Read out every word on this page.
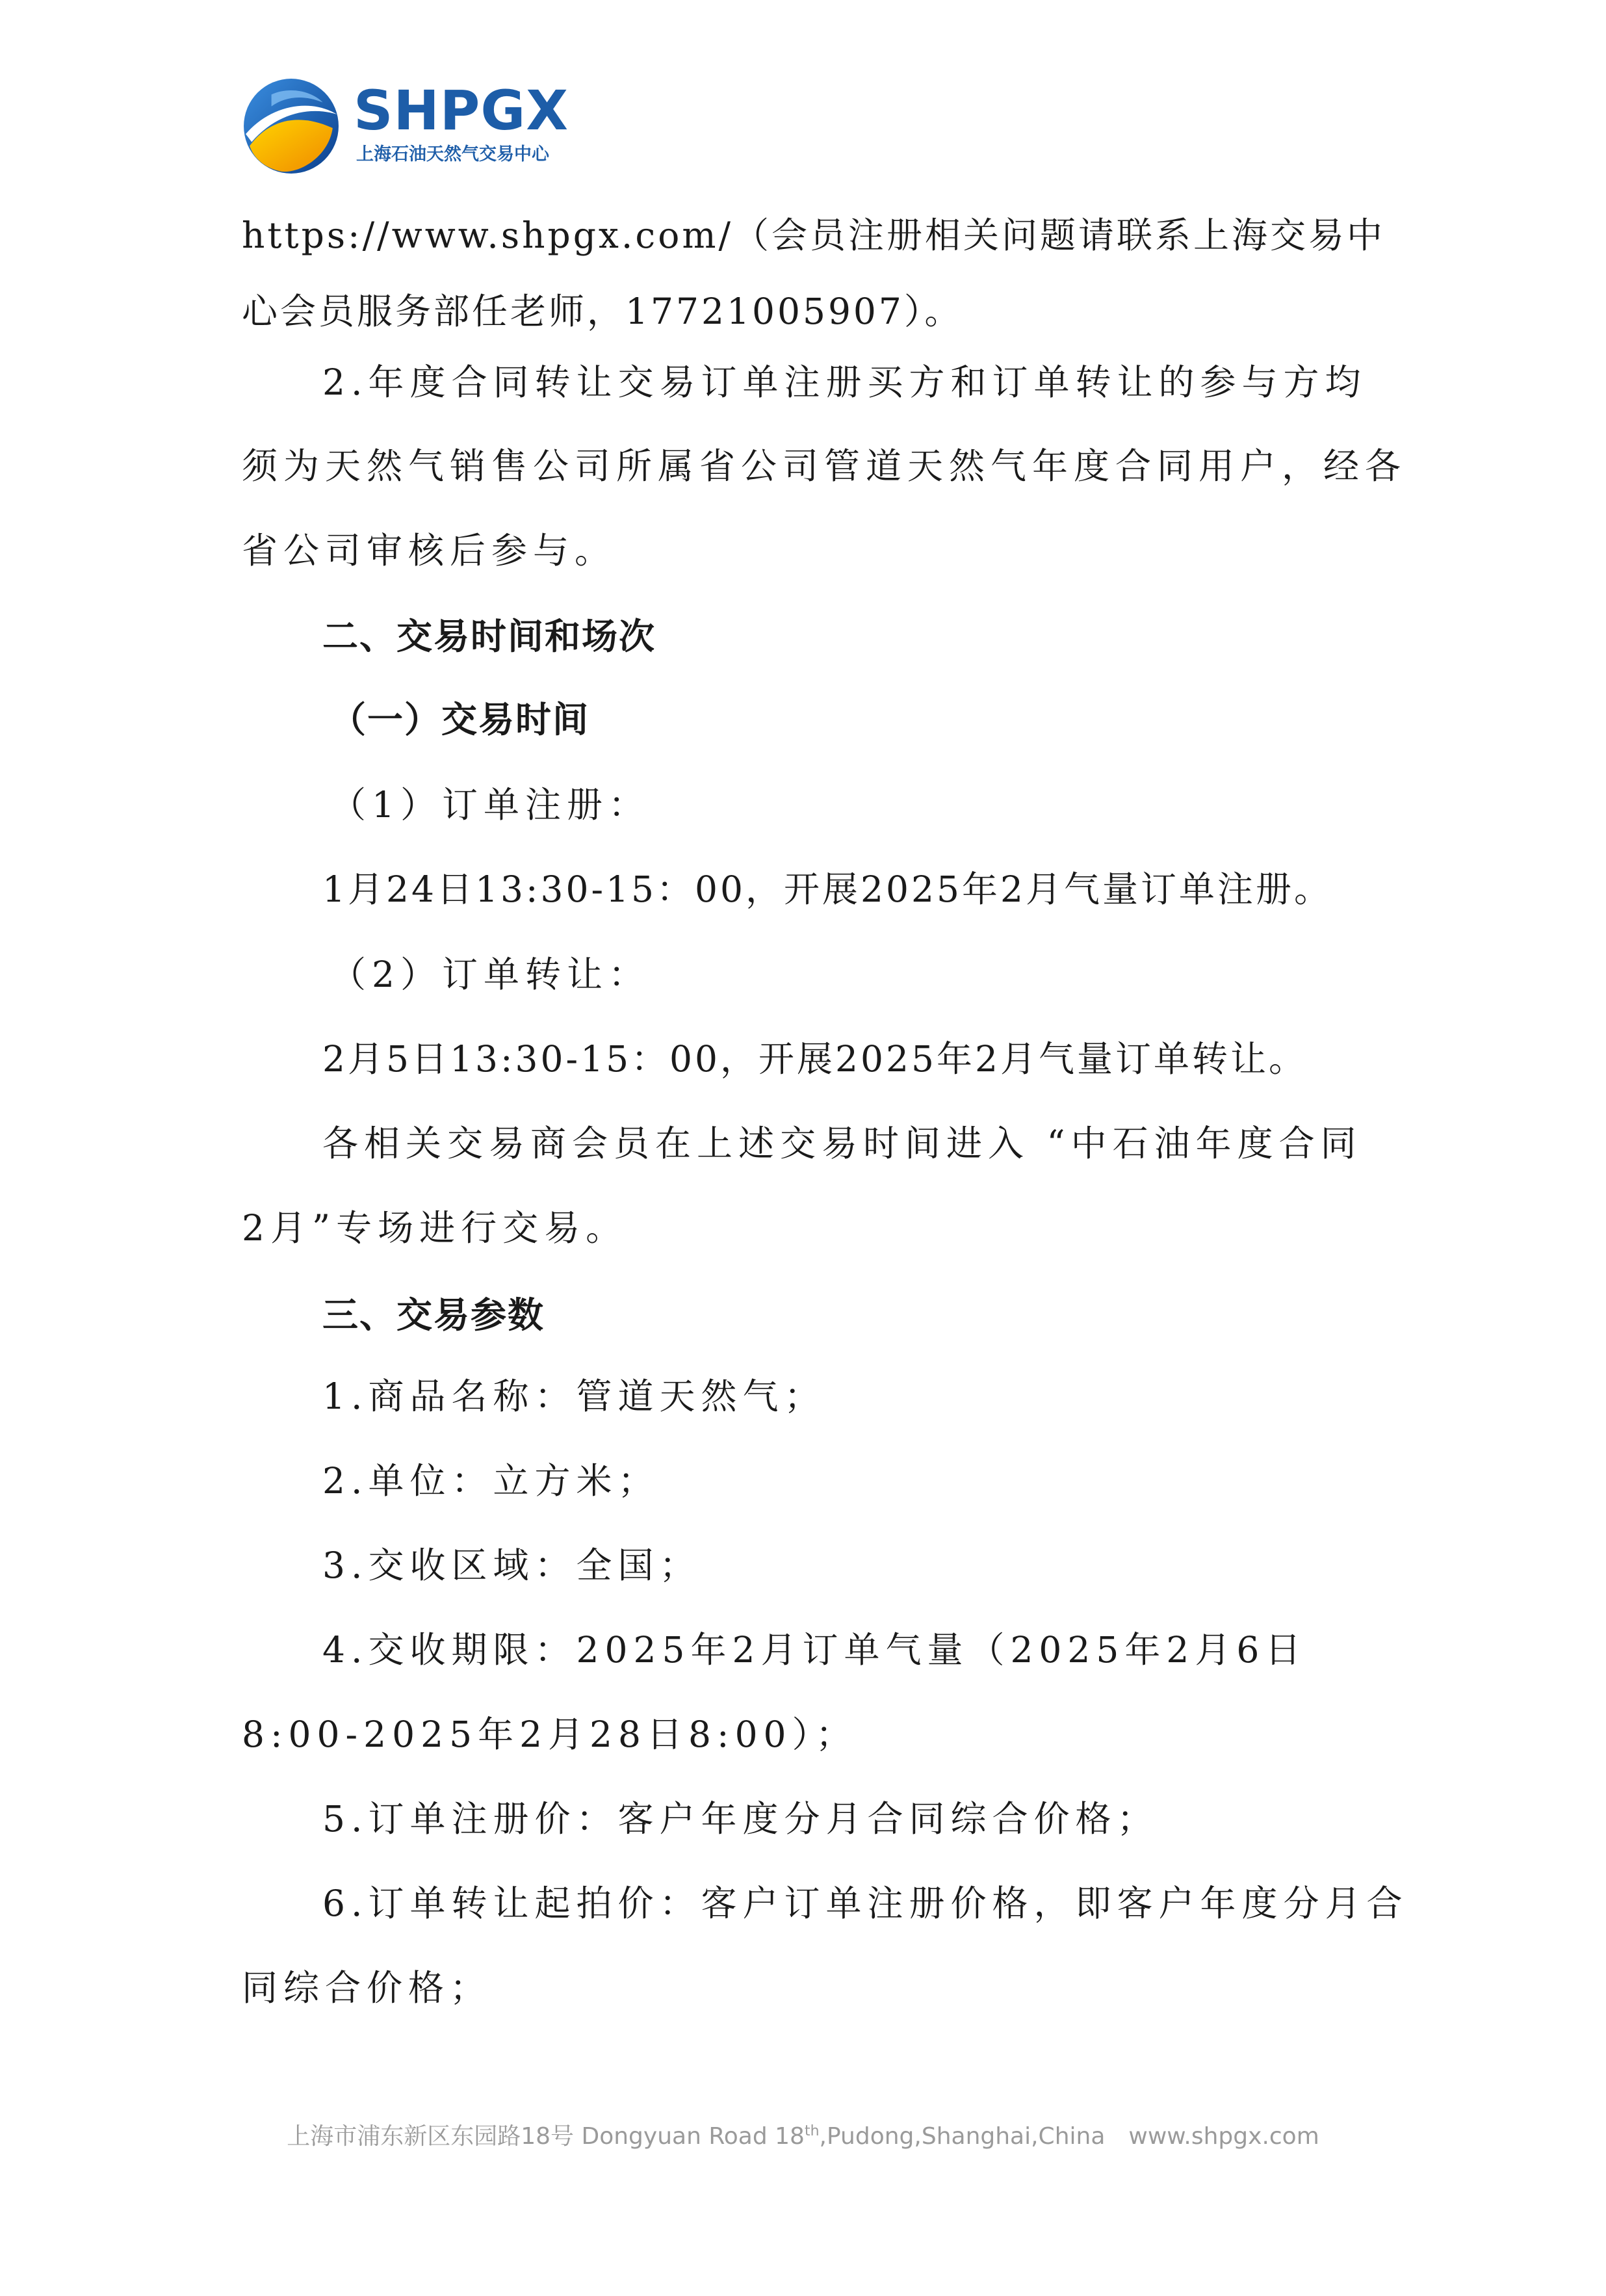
SHPGX
上海石油天然气交易中心
https://www.shpgx.com/（会员注册相关问题请联系上海交易中
心会员服务部任老师，17721005907）。
2.年度合同转让交易订单注册买方和订单转让的参与方均
须为天然气销售公司所属省公司管道天然气年度合同用户，经各
省公司审核后参与。
二、交易时间和场次
（一）交易时间
（1）订单注册：
1月24日13:30-15：00，开展2025年2月气量订单注册。
（2）订单转让：
2月5日13:30-15：00，开展2025年2月气量订单转让。
各相关交易商会员在上述交易时间进入 “中石油年度合同
2月”专场进行交易。
三、交易参数
1.商品名称：管道天然气；
2.单位：立方米；
3.交收区域：全国；
4.交收期限：2025年2月订单气量（2025年2月6日
8:00-2025年2月28日8:00）；
5.订单注册价：客户年度分月合同综合价格；
6.订单转让起拍价：客户订单注册价格，即客户年度分月合
同综合价格；
上海市浦东新区东园路18号 Dongyuan Road 18th,Pudong,Shanghai,China www.shpgx.com
